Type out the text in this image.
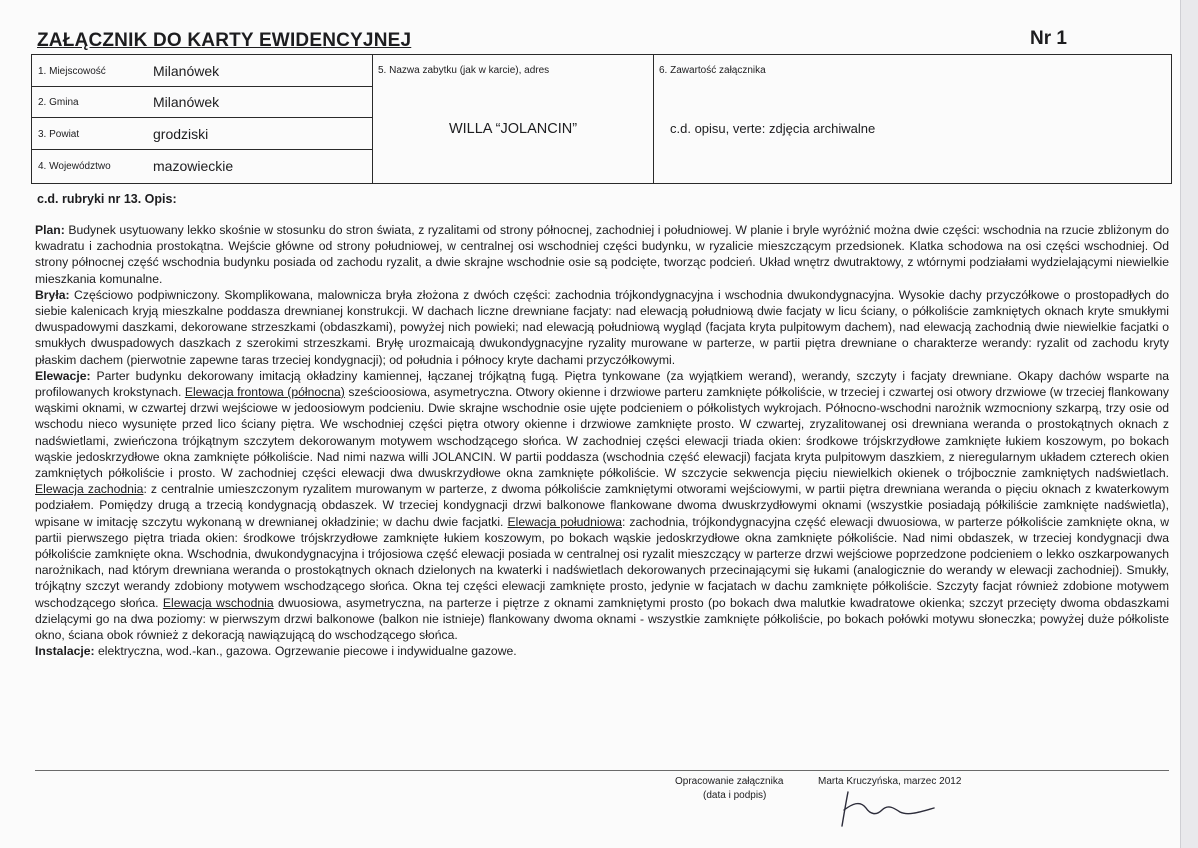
ZAŁĄCZNIK DO KARTY EWIDENCYJNEJ	Nr 1
1. Miejscowość	Milanówek
2. Gmina	Milanówek
3. Powiat	grodziski
4. Województwo	mazowieckie
5. Nazwa zabytku (jak w karcie), adres
WILLA “JOLANCIN”
6. Zawartość załącznika
c.d. opisu, verte: zdjęcia archiwalne
c.d. rubryki nr 13. Opis:

Plan: Budynek usytuowany lekko skośnie w stosunku do stron świata, z ryzalitami od strony północnej, zachodniej i południowej. W planie i bryle wyróżnić można dwie części: wschodnia na rzucie zbliżonym do kwadratu i zachodnia prostokątna. Wejście główne od strony południowej, w centralnej osi wschodniej części budynku, w ryzalicie mieszczącym przedsionek. Klatka schodowa na osi części wschodniej. Od strony północnej część wschodnia budynku posiada od zachodu ryzalit, a dwie skrajne wschodnie osie są podcięte, tworząc podcień. Układ wnętrz dwutraktowy, z wtórnymi podziałami wydzielającymi niewielkie mieszkania komunalne.

Bryła: Częściowo podpiwniczony. Skomplikowana, malownicza bryła złożona z dwóch części: zachodnia trójkondygnacyjna i wschodnia dwukondygnacyjna. Wysokie dachy przyczółkowe o prostopadłych do siebie kalenicach kryją mieszkalne poddasza drewnianej konstrukcji. W dachach liczne drewniane facjaty: nad elewacją południową dwie facjaty w licu ściany, o półkoliście zamkniętych oknach kryte smukłymi dwuspadowymi daszkami, dekorowane strzeszkami (obdaszkami), powyżej nich powieki; nad elewacją południową wygląd (facjata kryta pulpitowym dachem), nad elewacją zachodnią dwie niewielkie facjatki o smukłych dwuspadowych daszkach z szerokimi strzeszkami. Bryłę urozmaicają dwukondygnacyjne ryzality murowane w parterze, w partii piętra drewniane o charakterze werandy: ryzalit od zachodu kryty płaskim dachem (pierwotnie zapewne taras trzeciej kondygnacji); od południa i północy kryte dachami przyczółkowymi.

Elewacje: Parter budynku dekorowany imitacją okładziny kamiennej, łączanej trójkątną fugą. Piętra tynkowane (za wyjątkiem werand), werandy, szczyty i facjaty drewniane. Okapy dachów wsparte na profilowanych krokstynach. Elewacja frontowa (północna) sześcioosiowa, asymetryczna. Otwory okienne i drzwiowe parteru zamknięte półkoliście, w trzeciej i czwartej osi otwory drzwiowe (w trzeciej flankowany wąskimi oknami, w czwartej drzwi wejściowe w jedoosiowym podcieniu. Dwie skrajne wschodnie osie ujęte podcieniem o półkolistych wykrojach. Północno-wschodni narożnik wzmocniony szkarpą, trzy osie od wschodu nieco wysunięte przed lico ściany piętra. We wschodniej części piętra otwory okienne i drzwiowe zamknięte prosto. W czwartej, zryzalitowanej osi drewniana weranda o prostokątnych oknach z nadświetlami, zwieńczona trójkątnym szczytem dekorowanym motywem wschodzącego słońca. W zachodniej części elewacji triada okien: środkowe trójskrzydłowe zamknięte łukiem koszowym, po bokach wąskie jedoskrzydłowe okna zamknięte półkoliście. Nad nimi nazwa willi JOLANCIN. W partii poddasza (wschodnia część elewacji) facjata kryta pulpitowym daszkiem, z nieregularnym układem czterech okien zamkniętych półkoliście i prosto. W zachodniej części elewacji dwa dwuskrzydłowe okna zamknięte półkoliście. W szczycie sekwencja pięciu niewielkich okienek o trójbocznie zamkniętych nadświetlach. Elewacja zachodnia: z centralnie umieszczonym ryzalitem murowanym w parterze, z dwoma półkoliście zamkniętymi otworami wejściowymi, w partii piętra drewniana weranda o pięciu oknach z kwaterkowym podziałem. Pomiędzy drugą a trzecią kondygnacją obdaszek. W trzeciej kondygnacji drzwi balkonowe flankowane dwoma dwuskrzydłowymi oknami (wszystkie posiadają półkiliście zamknięte nadświetla), wpisane w imitację szczytu wykonaną w drewnianej okładzinie; w dachu dwie facjatki. Elewacja południowa: zachodnia, trójkondygnacyjna część elewacji dwuosiowa, w parterze półkoliście zamknięte okna, w partii pierwszego piętra triada okien: środkowe trójskrzydłowe zamknięte łukiem koszowym, po bokach wąskie jedoskrzydłowe okna zamknięte półkoliście. Nad nimi obdaszek, w trzeciej kondygnacji dwa półkoliście zamknięte okna. Wschodnia, dwukondygnacyjna i trójosiowa część elewacji posiada w centralnej osi ryzalit mieszczący w parterze drzwi wejściowe poprzedzone podcieniem o lekko oszkarpowanych narożnikach, nad którym drewniana weranda o prostokątnych oknach dzielonych na kwaterki i nadświetlach dekorowanych przecinającymi się łukami (analogicznie do werandy w elewacji zachodniej). Smukły, trójkątny szczyt werandy zdobiony motywem wschodzącego słońca. Okna tej części elewacji zamknięte prosto, jedynie w facjatach w dachu zamknięte półkoliście. Szczyty facjat również zdobione motywem wschodzącego słońca. Elewacja wschodnia dwuosiowa, asymetryczna, na parterze i piętrze z oknami zamkniętymi prosto (po bokach dwa malutkie kwadratowe okienka; szczyt przecięty dwoma obdaszkami dzielącymi go na dwa poziomy: w pierwszym drzwi balkonowe (balkon nie istnieje) flankowany dwoma oknami - wszystkie zamknięte półkoliście, po bokach połówki motywu słoneczka; powyżej duże półkoliste okno, ściana obok również z dekoracją nawiązującą do wschodzącego słońca.

Instalacje: elektryczna, wod.-kan., gazowa. Ogrzewanie piecowe i indywidualne gazowe.

Opracowanie załącznika
(data i podpis)
Marta Kruczyńska, marzec 2012
